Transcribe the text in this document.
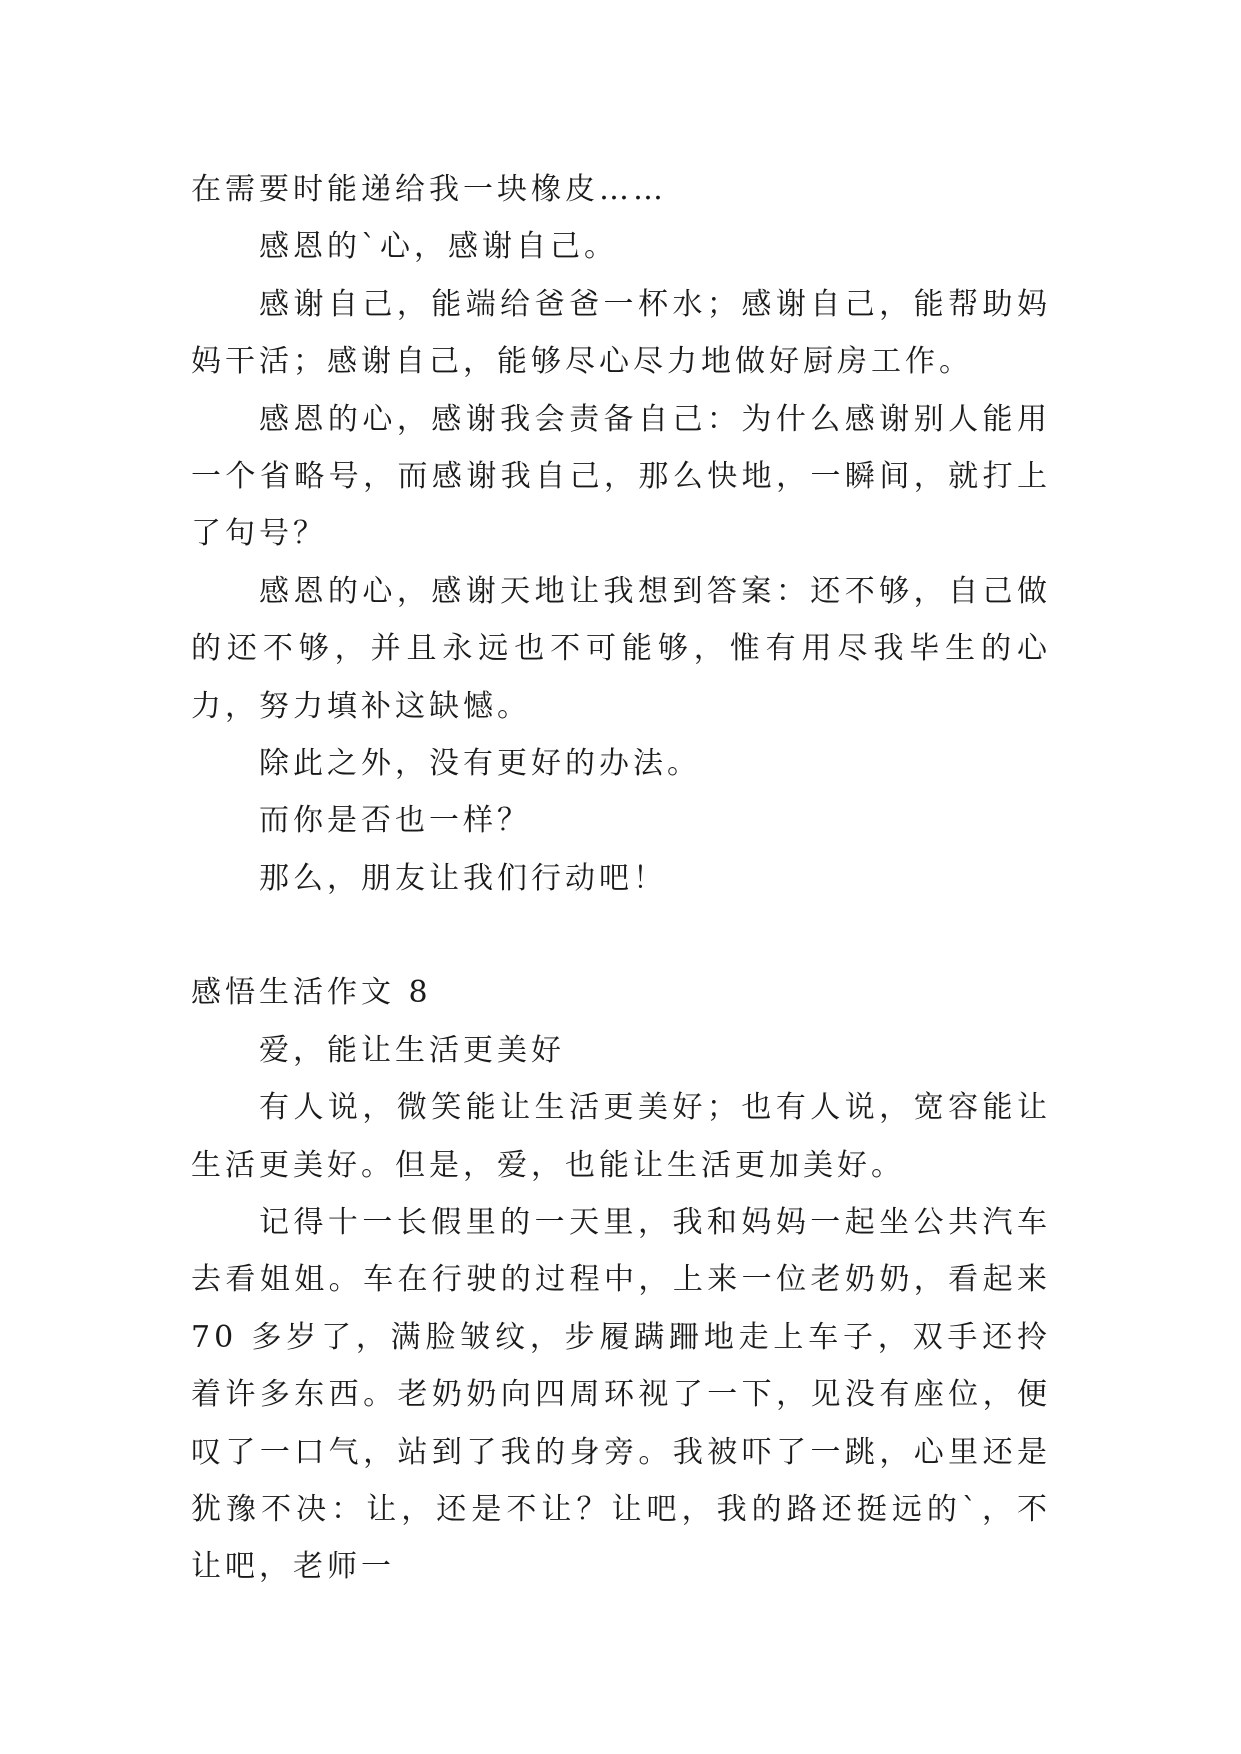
在需要时能递给我一块橡皮……

感恩的`心，感谢自己。

感谢自己，能端给爸爸一杯水；感谢自己，能帮助妈妈干活；感谢自己，能够尽心尽力地做好厨房工作。

感恩的心，感谢我会责备自己：为什么感谢别人能用一个省略号，而感谢我自己，那么快地，一瞬间，就打上了句号？

感恩的心，感谢天地让我想到答案：还不够，自己做的还不够，并且永远也不可能够，惟有用尽我毕生的心力，努力填补这缺憾。

除此之外，没有更好的办法。

而你是否也一样？

那么，朋友让我们行动吧！

感悟生活作文 8

爱，能让生活更美好

有人说，微笑能让生活更美好；也有人说，宽容能让生活更美好。但是，爱，也能让生活更加美好。

记得十一长假里的一天里，我和妈妈一起坐公共汽车去看姐姐。车在行驶的过程中，上来一位老奶奶，看起来 70 多岁了，满脸皱纹，步履蹒跚地走上车子，双手还拎着许多东西。老奶奶向四周环视了一下，见没有座位，便叹了一口气，站到了我的身旁。我被吓了一跳，心里还是犹豫不决：让，还是不让？让吧，我的路还挺远的`，不让吧，老师一
